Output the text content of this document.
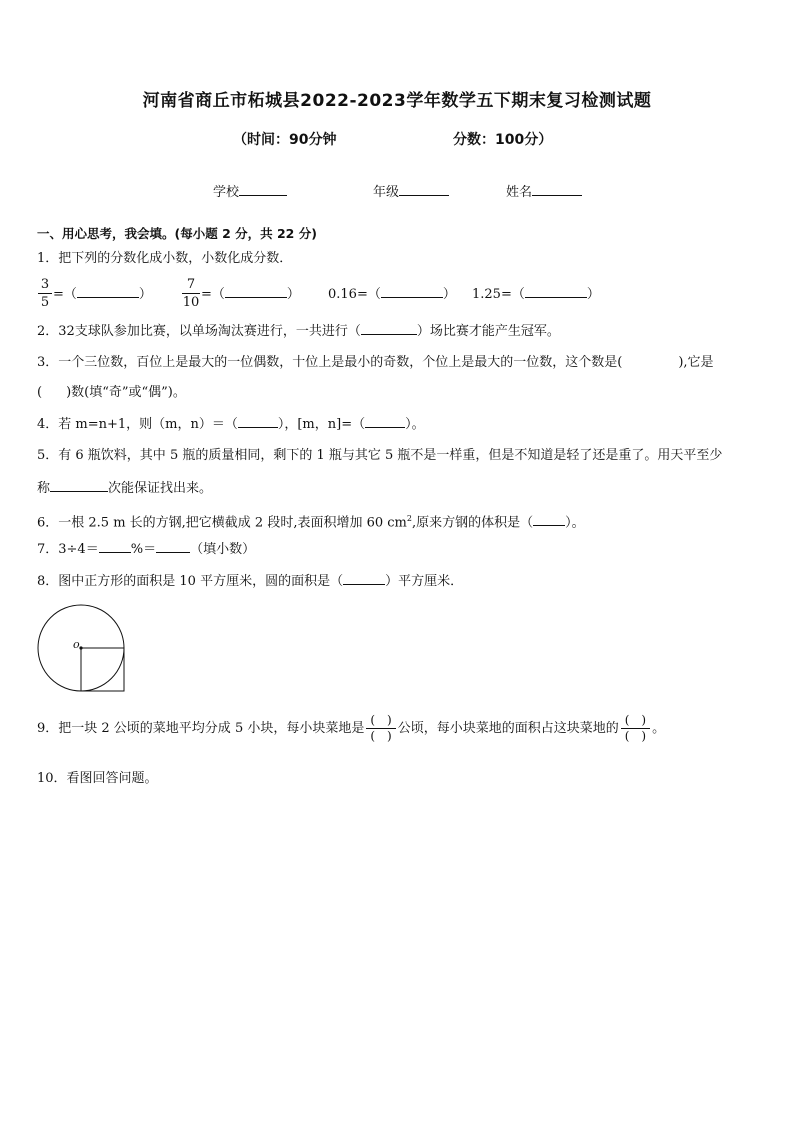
河南省商丘市柘城县2022-2023学年数学五下期末复习检测试题
（时间：90分钟	分数：100分）
学校	年级	姓名
一、用心思考，我会填。(每小题 2 分，共 22 分)
1．把下列的分数化成小数，小数化成分数．
$\frac{3}{5}$ =（	） $\frac{7}{10}$ =（	） 0.16=（	） 1.25=（	）
2．32支球队参加比赛，以单场淘汰赛进行，一共进行（	）场比赛才能产生冠军。
3．一个三位数，百位上是最大的一位偶数，十位上是最小的奇数，个位上是最大的一位数，这个数是(	),它是
( )数(填“奇”或“偶”)。
4．若 m=n+1，则（m，n）＝（	），[m，n]=（	）。
5．有 6 瓶饮料，其中 5 瓶的质量相同，剩下的 1 瓶与其它 5 瓶不是一样重，但是不知道是轻了还是重了。用天平至少
称	次能保证找出来。
6．一根 2.5 m 长的方钢,把它横截成 2 段时,表面积增加 60 $cm^2$,原来方钢的体积是（ ）。
7．3÷4＝ %＝	（填小数）
8．图中正方形的面积是 10 平方厘米，圆的面积是（	）平方厘米．
o
9．把一块 2 公顷的菜地平均分成 5 小块，每小块菜地是 $\frac{( )}{( )}$ 公顷，每小块菜地的面积占这块菜地的 $\frac{( )}{( )}$ 。
10．看图回答问题。
